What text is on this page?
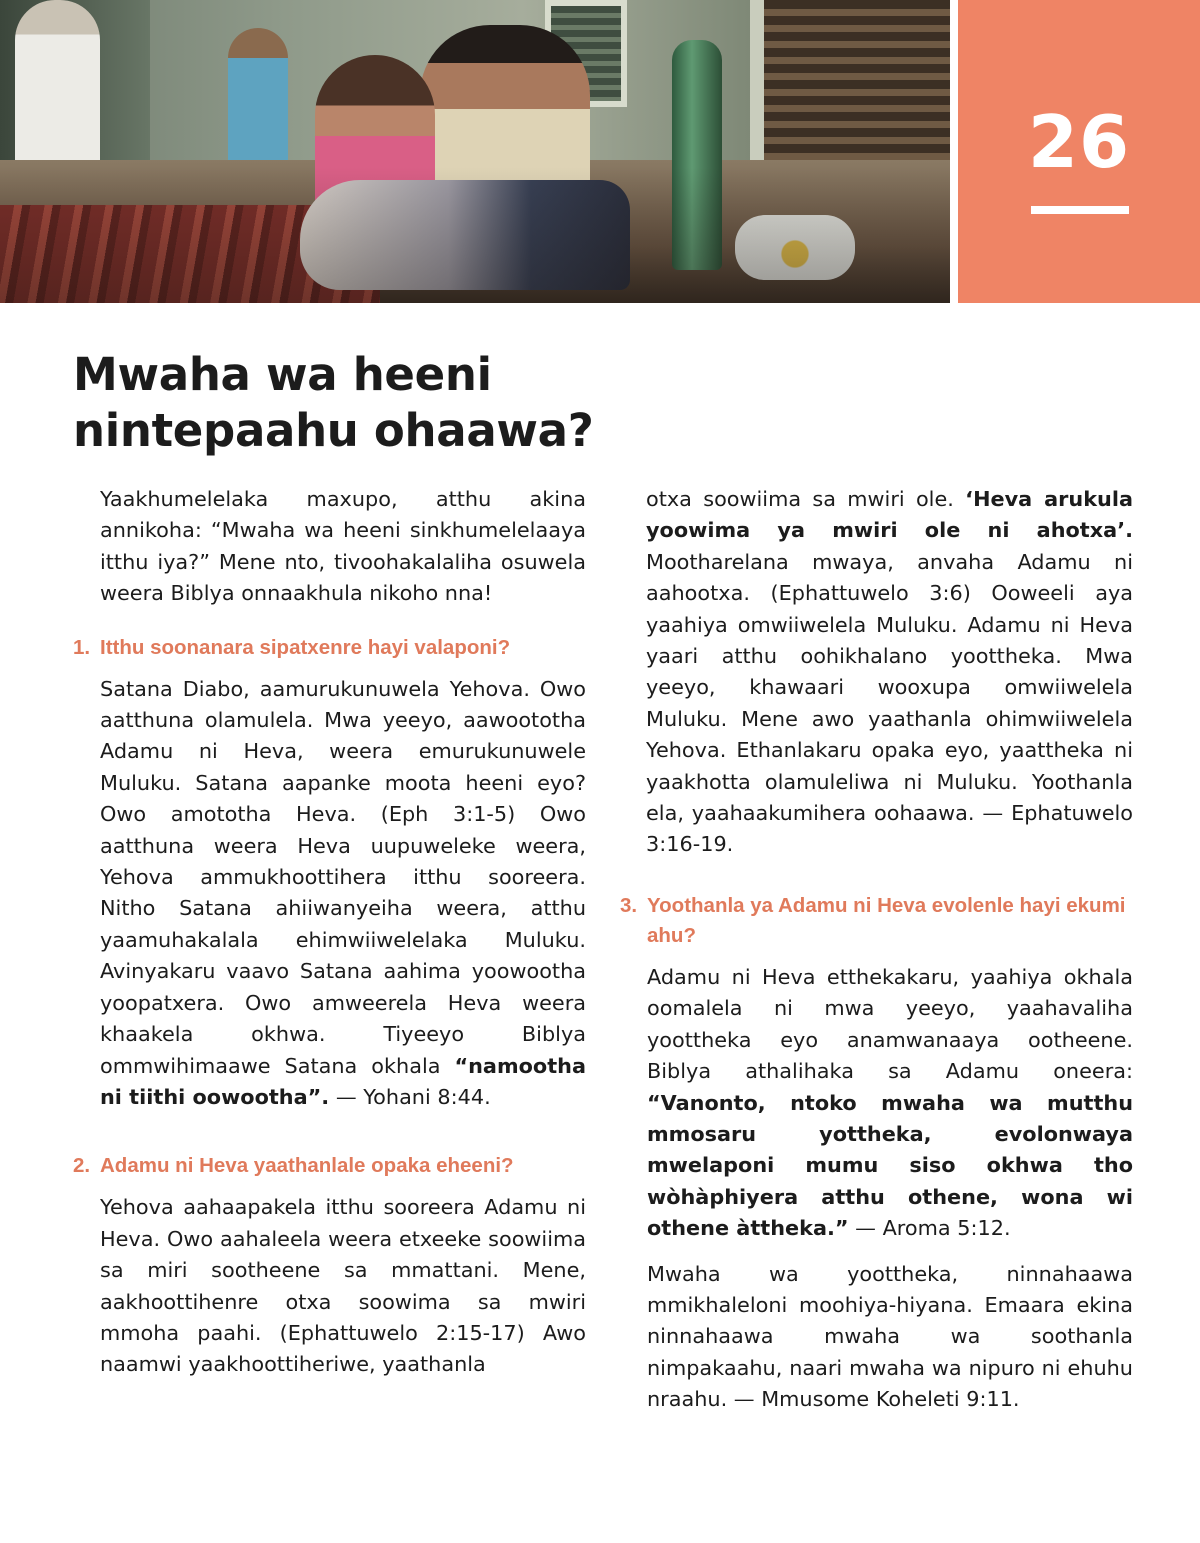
26
Mwaha wa heeni nintepaahu ohaawa?

Yaakhumelelaka maxupo, atthu akina annikoha: “Mwaha wa heeni sinkhumelelaaya itthu iya?” Mene nto, tivoohakalaliha osuwela weera Biblya onnaakhula nikoho nna!

1. Itthu soonanara sipatxenre hayi valaponi?

Satana Diabo, aamurukunuwela Yehova. Owo aatthuna olamulela. Mwa yeeyo, aawoototha Adamu ni Heva, weera emurukunuwele Muluku. Satana aapanke moota heeni eyo? Owo amototha Heva. (Eph 3:1-5) Owo aatthuna weera Heva uupuweleke weera, Yehova ammukhoottihera itthu sooreera. Nitho Satana ahiiwanyeiha weera, atthu yaamuhakalala ehimwiiwelelaka Muluku. Avinyakaru vaavo Satana aahima yoowootha yoopatxera. Owo amweerela Heva weera khaakela okhwa. Tiyeeyo Biblya ommwihimaawe Satana okhala “namootha ni tiithi oowootha”. — Yohani 8:44.

2. Adamu ni Heva yaathanlale opaka eheeni?

Yehova aahaapakela itthu sooreera Adamu ni Heva. Owo aahaleela weera etxeeke soowiima sa miri sootheene sa mmattani. Mene, aakhoottihenre otxa soowima sa mwiri mmoha paahi. (Ephattuwelo 2:15-17) Awo naamwi yaakhoottiheriwe, yaathanla

otxa soowiima sa mwiri ole. ‘Heva arukula yoowima ya mwiri ole ni ahotxa’. Mootharelana mwaya, anvaha Adamu ni aahootxa. (Ephattuwelo 3:6) Ooweeli aya yaahiya omwiiwelela Muluku. Adamu ni Heva yaari atthu oohikhalano yoottheka. Mwa yeeyo, khawaari wooxupa omwiiwelela Muluku. Mene awo yaathanla ohimwiiwelela Yehova. Ethanlakaru opaka eyo, yaattheka ni yaakhotta olamuleliwa ni Muluku. Yoothanla ela, yaahaakumihera oohaawa. — Ephatuwelo 3:16-19.

3. Yoothanla ya Adamu ni Heva evolenle hayi ekumi ahu?

Adamu ni Heva etthekakaru, yaahiya okhala oomalela ni mwa yeeyo, yaahavaliha yoottheka eyo anamwanaaya ootheene. Biblya athalihaka sa Adamu oneera: “Vanonto, ntoko mwaha wa mutthu mmosaru yottheka, evolonwaya mwelaponi mumu siso okhwa tho wòhàphiyera atthu othene, wona wi othene àttheka.” — Aroma 5:12.

Mwaha wa yoottheka, ninnahaawa mmikhaleloni moohiya-hiyana. Emaara ekina ninnahaawa mwaha wa soothanla nimpakaahu, naari mwaha wa nipuro ni ehuhu nraahu. — Mmusome Koheleti 9:11.
